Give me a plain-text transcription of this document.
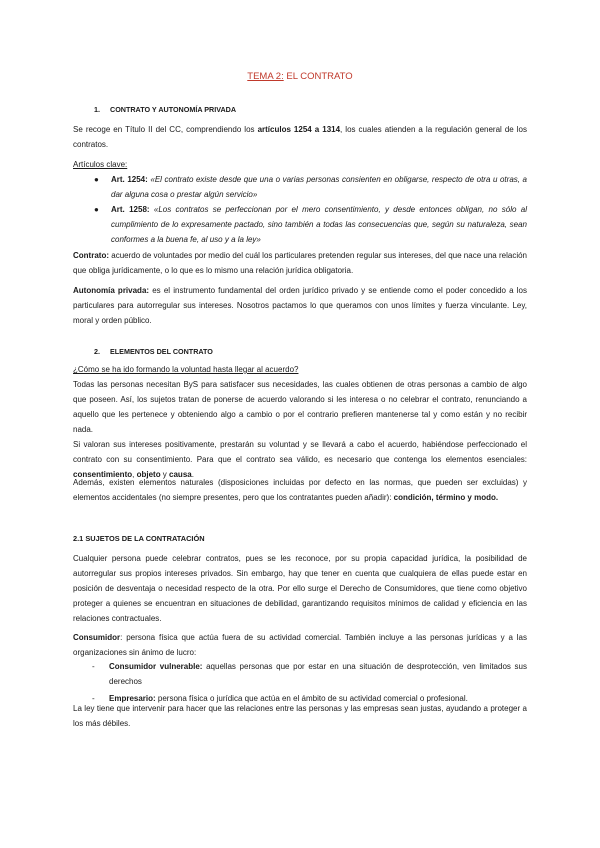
TEMA 2: EL CONTRATO
1. CONTRATO Y AUTONOMÍA PRIVADA

Se recoge en Título II del CC, comprendiendo los artículos 1254 a 1314, los cuales atienden a la regulación general de los contratos.

Artículos clave:
● Art. 1254: «El contrato existe desde que una o varias personas consienten en obligarse, respecto de otra u otras, a dar alguna cosa o prestar algún servicio»
● Art. 1258: «Los contratos se perfeccionan por el mero consentimiento, y desde entonces obligan, no sólo al cumplimiento de lo expresamente pactado, sino también a todas las consecuencias que, según su naturaleza, sean conformes a la buena fe, al uso y a la ley»

Contrato: acuerdo de voluntades por medio del cuál los particulares pretenden regular sus intereses, del que nace una relación que obliga jurídicamente, o lo que es lo mismo una relación jurídica obligatoria.

Autonomía privada: es el instrumento fundamental del orden jurídico privado y se entiende como el poder concedido a los particulares para autorregular sus intereses. Nosotros pactamos lo que queramos con unos límites y fuerza vinculante. Ley, moral y orden público.

2. ELEMENTOS DEL CONTRATO
¿Cómo se ha ido formando la voluntad hasta llegar al acuerdo?

Todas las personas necesitan ByS para satisfacer sus necesidades, las cuales obtienen de otras personas a cambio de algo que poseen. Así, los sujetos tratan de ponerse de acuerdo valorando si les interesa o no celebrar el contrato, renunciando a aquello que les pertenece y obteniendo algo a cambio o por el contrario prefieren mantenerse tal y como están y no recibir nada.

Si valoran sus intereses positivamente, prestarán su voluntad y se llevará a cabo el acuerdo, habiéndose perfeccionado el contrato con su consentimiento. Para que el contrato sea válido, es necesario que contenga los elementos esenciales: consentimiento, objeto y causa.

Además, existen elementos naturales (disposiciones incluidas por defecto en las normas, que pueden ser excluidas) y elementos accidentales (no siempre presentes, pero que los contratantes pueden añadir): condición, término y modo.

2.1 SUJETOS DE LA CONTRATACIÓN

Cualquier persona puede celebrar contratos, pues se les reconoce, por su propia capacidad jurídica, la posibilidad de autorregular sus propios intereses privados. Sin embargo, hay que tener en cuenta que cualquiera de ellas puede estar en posición de desventaja o necesidad respecto de la otra. Por ello surge el Derecho de Consumidores, que tiene como objetivo proteger a quienes se encuentran en situaciones de debilidad, garantizando requisitos mínimos de calidad y eficiencia en las relaciones contractuales.

Consumidor: persona física que actúa fuera de su actividad comercial. También incluye a las personas jurídicas y a las organizaciones sin ánimo de lucro:

- Consumidor vulnerable: aquellas personas que por estar en una situación de desprotección, ven limitados sus derechos
- Empresario: persona física o jurídica que actúa en el ámbito de su actividad comercial o profesional.

La ley tiene que intervenir para hacer que las relaciones entre las personas y las empresas sean justas, ayudando a proteger a los más débiles.
